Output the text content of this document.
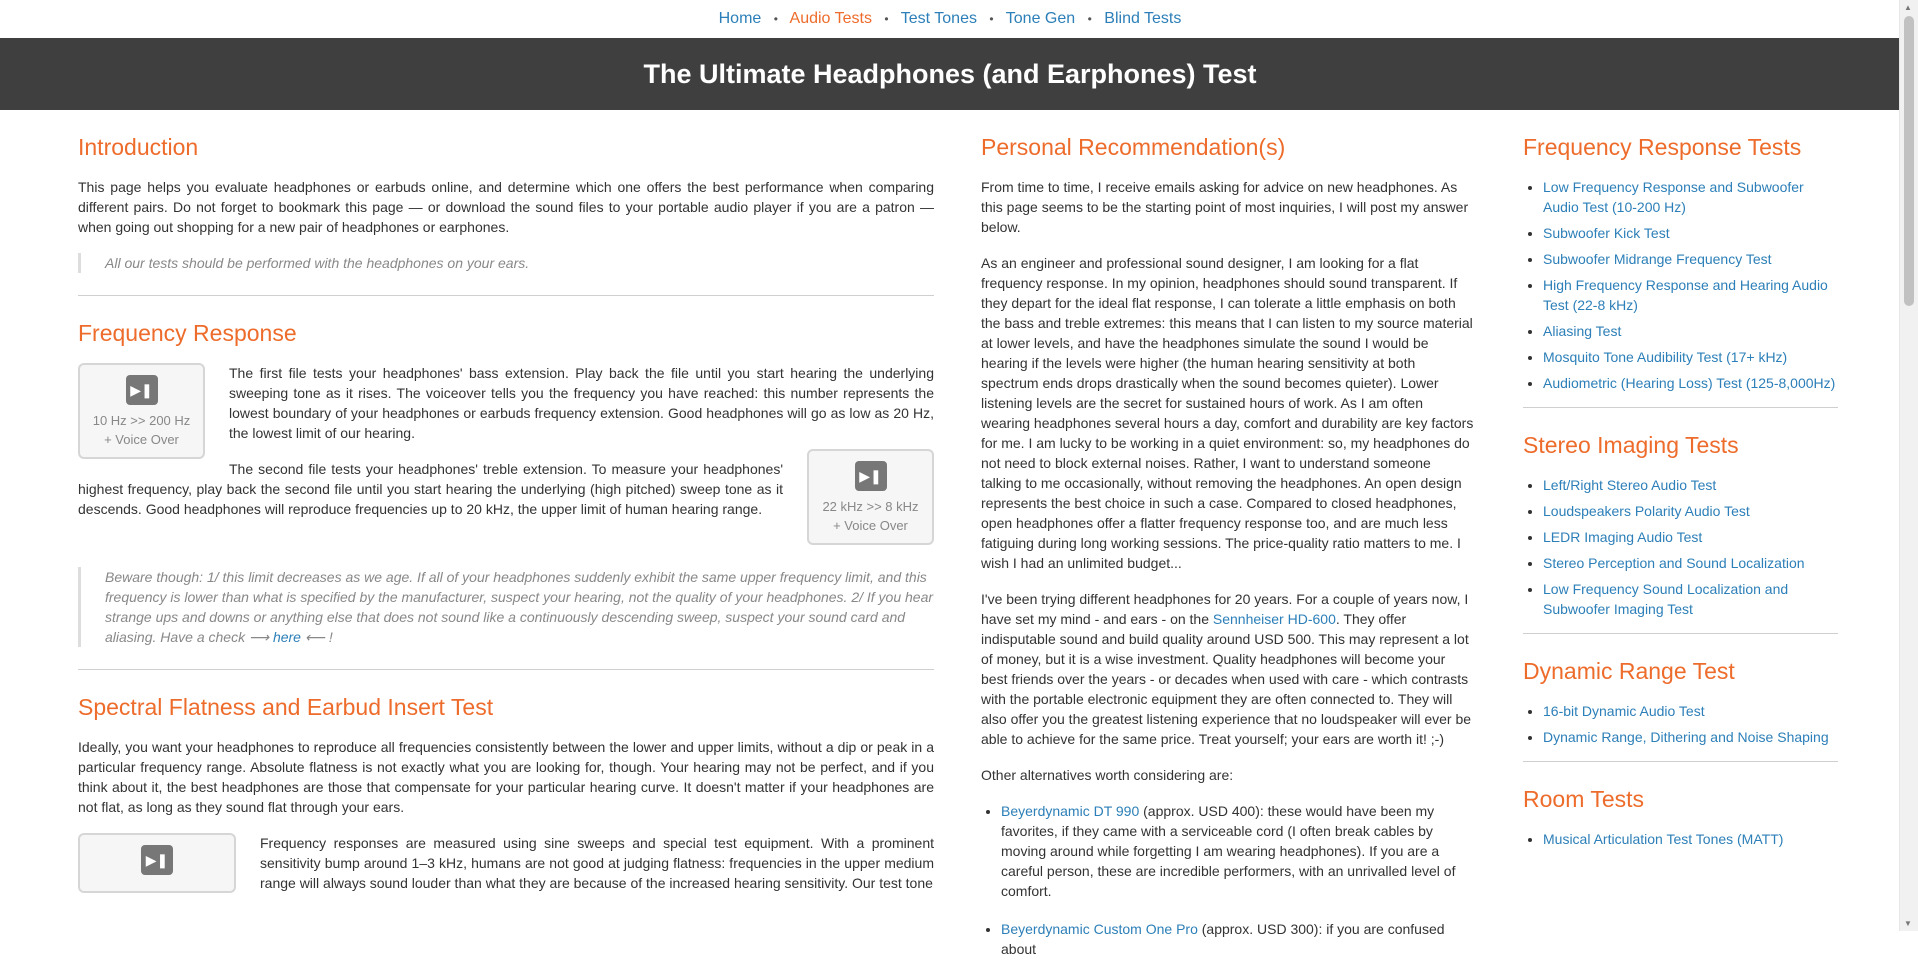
Home • Audio Tests • Test Tones • Tone Gen • Blind Tests
The Ultimate Headphones (and Earphones) Test
Introduction

This page helps you evaluate headphones or earbuds online, and determine which one offers the best performance when comparing different pairs. Do not forget to bookmark this page — or download the sound files to your portable audio player if you are a patron — when going out shopping for a new pair of headphones or earphones.

All our tests should be performed with the headphones on your ears.
Frequency Response
▶❚
10 Hz >> 200 Hz
+ Voice Over

The first file tests your headphones' bass extension. Play back the file until you start hearing the underlying sweeping tone as it rises. The voiceover tells you the frequency you have reached: this number represents the lowest boundary of your headphones or earbuds frequency extension. Good headphones will go as low as 20 Hz, the lowest limit of our hearing.

▶❚
22 kHz >> 8 kHz
+ Voice Over

The second file tests your headphones' treble extension. To measure your headphones' highest frequency, play back the second file until you start hearing the underlying (high pitched) sweep tone as it descends. Good headphones will reproduce frequencies up to 20 kHz, the upper limit of human hearing range.

Beware though: 1/ this limit decreases as we age. If all of your headphones suddenly exhibit the same upper frequency limit, and this frequency is lower than what is specified by the manufacturer, suspect your hearing, not the quality of your headphones. 2/ If you hear strange ups and downs or anything else that does not sound like a continuously descending sweep, suspect your sound card and aliasing. Have a check ⟶ here ⟵ !
Spectral Flatness and Earbud Insert Test

Ideally, you want your headphones to reproduce all frequencies consistently between the lower and upper limits, without a dip or peak in a particular frequency range. Absolute flatness is not exactly what you are looking for, though. Your hearing may not be perfect, and if you think about it, the best headphones are those that compensate for your particular hearing curve. It doesn't matter if your headphones are not flat, as long as they sound flat through your ears.

▶❚

Frequency responses are measured using sine sweeps and special test equipment. With a prominent sensitivity bump around 1–3 kHz, humans are not good at judging flatness: frequencies in the upper medium range will always sound louder than what they are because of the increased hearing sensitivity. Our test tone

Personal Recommendation(s)

From time to time, I receive emails asking for advice on new headphones. As this page seems to be the starting point of most inquiries, I will post my answer below.

As an engineer and professional sound designer, I am looking for a flat frequency response. In my opinion, headphones should sound transparent. If they depart for the ideal flat response, I can tolerate a little emphasis on both the bass and treble extremes: this means that I can listen to my source material at lower levels, and have the headphones simulate the sound I would be hearing if the levels were higher (the human hearing sensitivity at both spectrum ends drops drastically when the sound becomes quieter). Lower listening levels are the secret for sustained hours of work. As I am often wearing headphones several hours a day, comfort and durability are key factors for me. I am lucky to be working in a quiet environment: so, my headphones do not need to block external noises. Rather, I want to understand someone talking to me occasionally, without removing the headphones. An open design represents the best choice in such a case. Compared to closed headphones, open headphones offer a flatter frequency response too, and are much less fatiguing during long working sessions. The price-quality ratio matters to me. I wish I had an unlimited budget...

I've been trying different headphones for 20 years. For a couple of years now, I have set my mind - and ears - on the Sennheiser HD-600. They offer indisputable sound and build quality around USD 500. This may represent a lot of money, but it is a wise investment. Quality headphones will become your best friends over the years - or decades when used with care - which contrasts with the portable electronic equipment they are often connected to. They will also offer you the greatest listening experience that no loudspeaker will ever be able to achieve for the same price. Treat yourself; your ears are worth it! ;-)

Other alternatives worth considering are:

• Beyerdynamic DT 990 (approx. USD 400): these would have been my favorites, if they came with a serviceable cord (I often break cables by moving around while forgetting I am wearing headphones). If you are a careful person, these are incredible performers, with an unrivalled level of comfort.
• Beyerdynamic Custom One Pro (approx. USD 300): if you are confused about
Frequency Response Tests
• Low Frequency Response and Subwoofer Audio Test (10-200 Hz)
• Subwoofer Kick Test
• Subwoofer Midrange Frequency Test
• High Frequency Response and Hearing Audio Test (22-8 kHz)
• Aliasing Test
• Mosquito Tone Audibility Test (17+ kHz)
• Audiometric (Hearing Loss) Test (125-8,000Hz)
Stereo Imaging Tests
• Left/Right Stereo Audio Test
• Loudspeakers Polarity Audio Test
• LEDR Imaging Audio Test
• Stereo Perception and Sound Localization
• Low Frequency Sound Localization and Subwoofer Imaging Test
Dynamic Range Test
• 16-bit Dynamic Audio Test
• Dynamic Range, Dithering and Noise Shaping
Room Tests
• Musical Articulation Test Tones (MATT)
▲
▼
